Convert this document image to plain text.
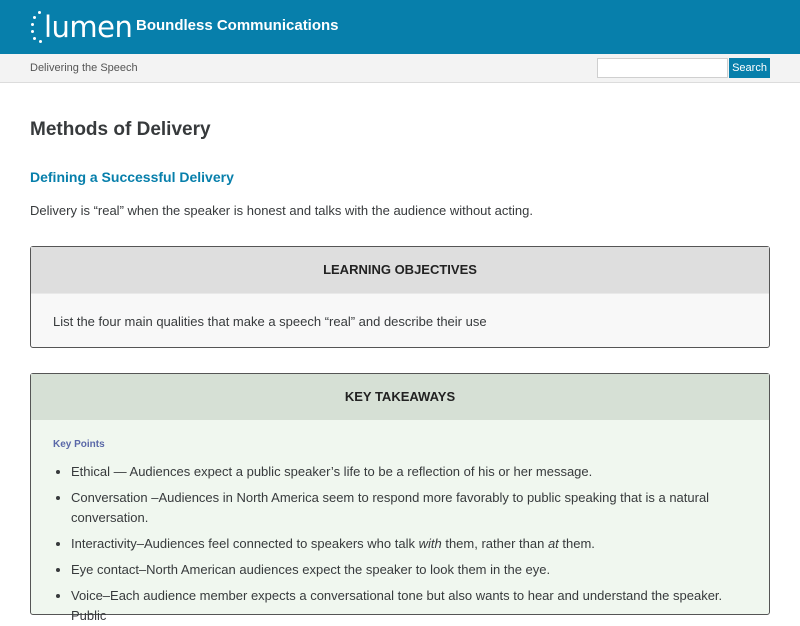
lumen Boundless Communications
Delivering the Speech	Search
Methods of Delivery
Defining a Successful Delivery
Delivery is “real” when the speaker is honest and talks with the audience without acting.
LEARNING OBJECTIVES
List the four main qualities that make a speech “real” and describe their use
KEY TAKEAWAYS
Key Points
• Ethical — Audiences expect a public speaker’s life to be a reflection of his or her message.
• Conversation –Audiences in North America seem to respond more favorably to public speaking that is a natural conversation.
• Interactivity–Audiences feel connected to speakers who talk with them, rather than at them.
• Eye contact–North American audiences expect the speaker to look them in the eye.
• Voice–Each audience member expects a conversational tone but also wants to hear and understand the speaker. Public
